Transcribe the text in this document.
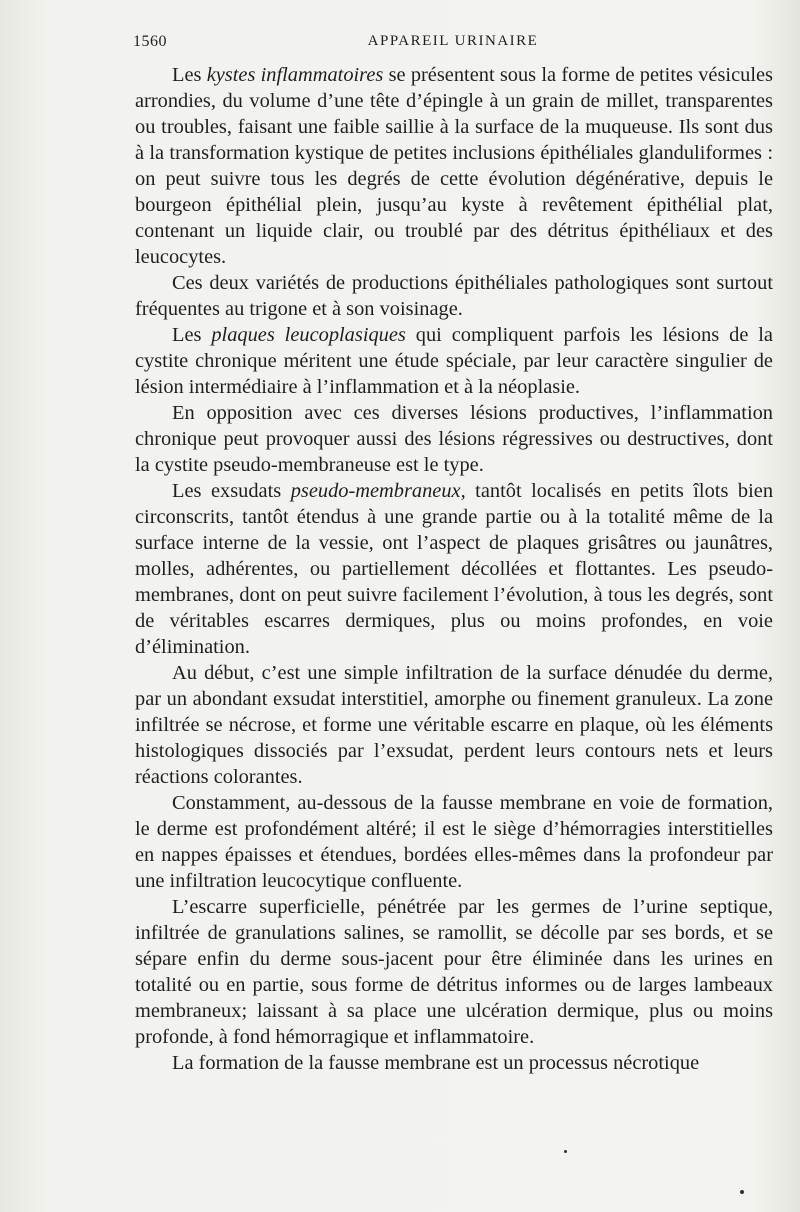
1560	APPAREIL URINAIRE

Les kystes inflammatoires se présentent sous la forme de petites vésicules arrondies, du volume d’une tête d’épingle à un grain de millet, transparentes ou troubles, faisant une faible saillie à la surface de la muqueuse. Ils sont dus à la transformation kystique de petites inclusions épithéliales glanduliformes : on peut suivre tous les degrés de cette évolution dégénérative, depuis le bourgeon épithélial plein, jusqu’au kyste à revêtement épithélial plat, contenant un liquide clair, ou troublé par des détritus épithéliaux et des leucocytes.

Ces deux variétés de productions épithéliales pathologiques sont surtout fréquentes au trigone et à son voisinage.

Les plaques leucoplasiques qui compliquent parfois les lésions de la cystite chronique méritent une étude spéciale, par leur caractère singulier de lésion intermédiaire à l’inflammation et à la néoplasie.

En opposition avec ces diverses lésions productives, l’inflammation chronique peut provoquer aussi des lésions régressives ou destructives, dont la cystite pseudo-membraneuse est le type.

Les exsudats pseudo-membraneux, tantôt localisés en petits îlots bien circonscrits, tantôt étendus à une grande partie ou à la totalité même de la surface interne de la vessie, ont l’aspect de plaques grisâtres ou jaunâtres, molles, adhérentes, ou partiellement décollées et flottantes. Les pseudo-membranes, dont on peut suivre facilement l’évolution, à tous les degrés, sont de véritables escarres dermiques, plus ou moins profondes, en voie d’élimination.

Au début, c’est une simple infiltration de la surface dénudée du derme, par un abondant exsudat interstitiel, amorphe ou finement granuleux. La zone infiltrée se nécrose, et forme une véritable escarre en plaque, où les éléments histologiques dissociés par l’exsudat, perdent leurs contours nets et leurs réactions colorantes.

Constamment, au-dessous de la fausse membrane en voie de formation, le derme est profondément altéré; il est le siège d’hémorragies interstitielles en nappes épaisses et étendues, bordées elles-mêmes dans la profondeur par une infiltration leucocytique confluente.

L’escarre superficielle, pénétrée par les germes de l’urine septique, infiltrée de granulations salines, se ramollit, se décolle par ses bords, et se sépare enfin du derme sous-jacent pour être éliminée dans les urines en totalité ou en partie, sous forme de détritus informes ou de larges lambeaux membraneux; laissant à sa place une ulcération dermique, plus ou moins profonde, à fond hémorragique et inflammatoire.

La formation de la fausse membrane est un processus nécrotique
